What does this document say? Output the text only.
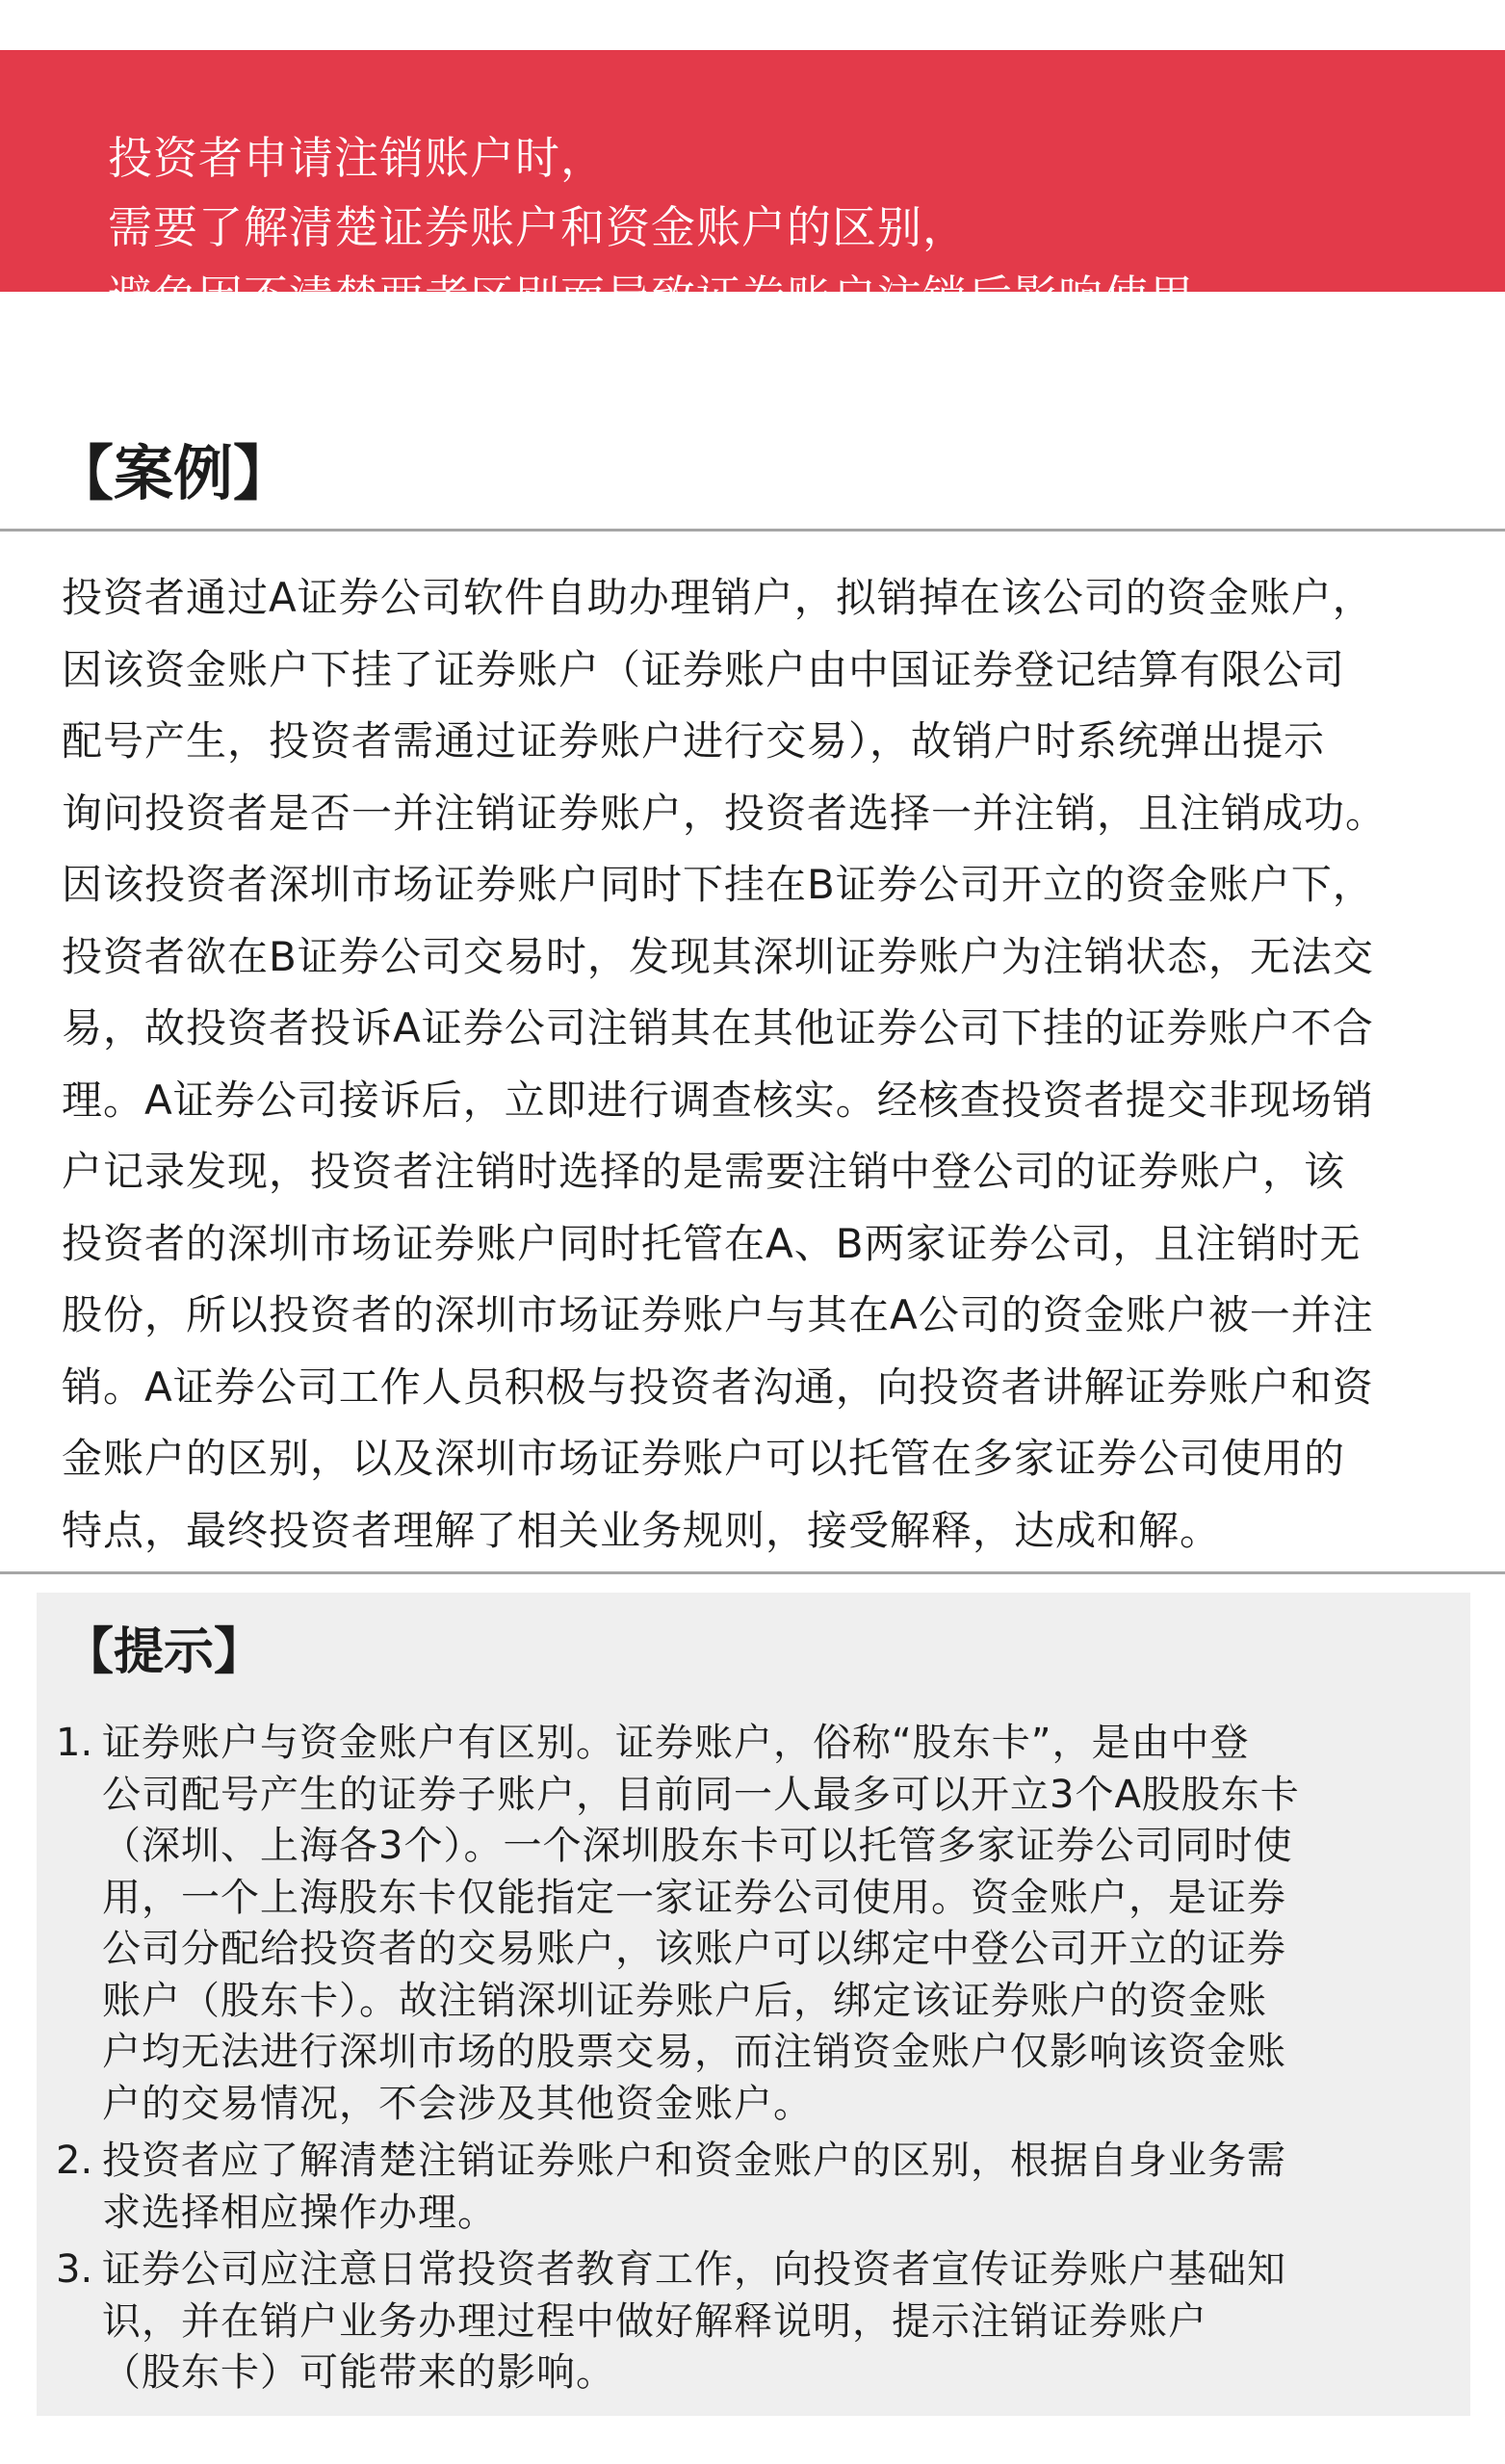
投资者申请注销账户时，
需要了解清楚证券账户和资金账户的区别，
避免因不清楚两者区别而导致证券账户注销后影响使用。
【案例】
投资者通过A证券公司软件自助办理销户，拟销掉在该公司的资金账户，
因该资金账户下挂了证券账户（证券账户由中国证券登记结算有限公司
配号产生，投资者需通过证券账户进行交易），故销户时系统弹出提示
询问投资者是否一并注销证券账户，投资者选择一并注销，且注销成功。
因该投资者深圳市场证券账户同时下挂在B证券公司开立的资金账户下，
投资者欲在B证券公司交易时，发现其深圳证券账户为注销状态，无法交
易，故投资者投诉A证券公司注销其在其他证券公司下挂的证券账户不合
理。A证券公司接诉后，立即进行调查核实。经核查投资者提交非现场销
户记录发现，投资者注销时选择的是需要注销中登公司的证券账户，该
投资者的深圳市场证券账户同时托管在A、B两家证券公司，且注销时无
股份，所以投资者的深圳市场证券账户与其在A公司的资金账户被一并注
销。A证券公司工作人员积极与投资者沟通，向投资者讲解证券账户和资
金账户的区别，以及深圳市场证券账户可以托管在多家证券公司使用的
特点，最终投资者理解了相关业务规则，接受解释，达成和解。
【提示】
1. 证券账户与资金账户有区别。证券账户，俗称“股东卡”，是由中登
公司配号产生的证券子账户，目前同一人最多可以开立3个A股股东卡
（深圳、上海各3个）。一个深圳股东卡可以托管多家证券公司同时使
用，一个上海股东卡仅能指定一家证券公司使用。资金账户，是证券
公司分配给投资者的交易账户，该账户可以绑定中登公司开立的证券
账户（股东卡）。故注销深圳证券账户后，绑定该证券账户的资金账
户均无法进行深圳市场的股票交易，而注销资金账户仅影响该资金账
户的交易情况，不会涉及其他资金账户。
2. 投资者应了解清楚注销证券账户和资金账户的区别，根据自身业务需
求选择相应操作办理。
3. 证券公司应注意日常投资者教育工作，向投资者宣传证券账户基础知
识，并在销户业务办理过程中做好解释说明，提示注销证券账户
（股东卡）可能带来的影响。
